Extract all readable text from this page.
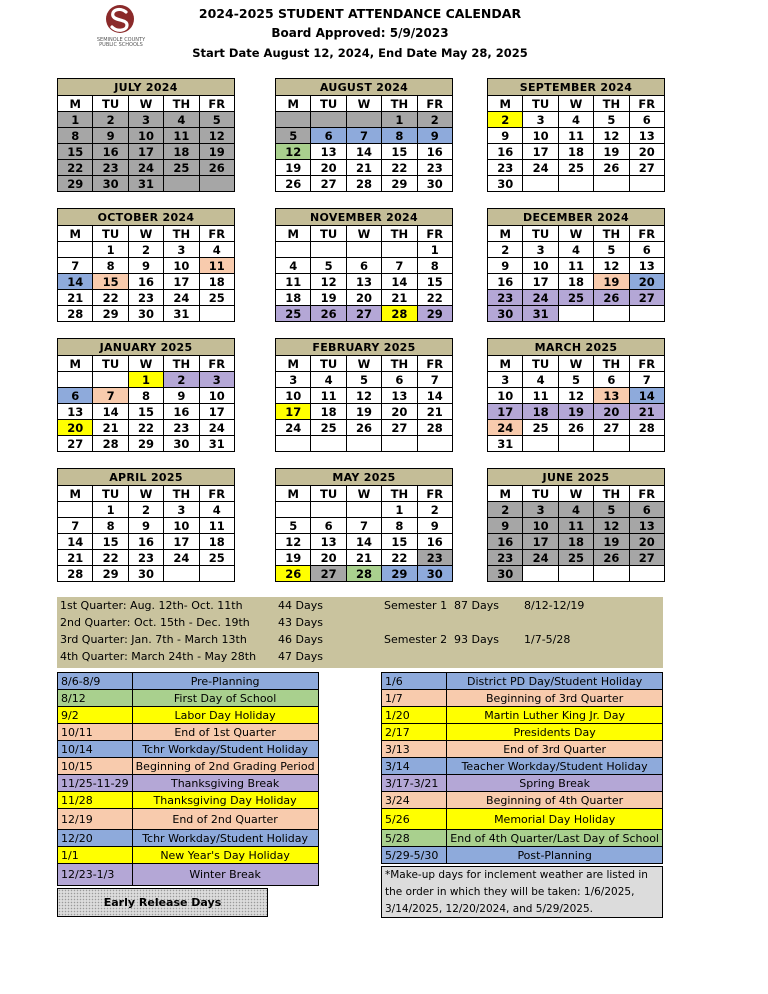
SEMINOLE COUNTY PUBLIC SCHOOLS
2024-2025 STUDENT ATTENDANCE CALENDAR
Board Approved: 5/9/2023
Start Date August 12, 2024, End Date May 28, 2025
JULY 2024				
M	TU	W	TH	FR
1	2	3	4	5
8	9	10	11	12
15	16	17	18	19
22	23	24	25	26
29	30	31		
AUGUST 2024				
M	TU	W	TH	FR
			1	2
5	6	7	8	9
12	13	14	15	16
19	20	21	22	23
26	27	28	29	30
SEPTEMBER 2024				
M	TU	W	TH	FR
2	3	4	5	6
9	10	11	12	13
16	17	18	19	20
23	24	25	26	27
30				
OCTOBER 2024				
M	TU	W	TH	FR
	1	2	3	4
7	8	9	10	11
14	15	16	17	18
21	22	23	24	25
28	29	30	31	
NOVEMBER 2024				
M	TU	W	TH	FR
				1
4	5	6	7	8
11	12	13	14	15
18	19	20	21	22
25	26	27	28	29
DECEMBER 2024				
M	TU	W	TH	FR
2	3	4	5	6
9	10	11	12	13
16	17	18	19	20
23	24	25	26	27
30	31			
JANUARY 2025				
M	TU	W	TH	FR
		1	2	3
6	7	8	9	10
13	14	15	16	17
20	21	22	23	24
27	28	29	30	31
FEBRUARY 2025				
M	TU	W	TH	FR
3	4	5	6	7
10	11	12	13	14
17	18	19	20	21
24	25	26	27	28

MARCH 2025				
M	TU	W	TH	FR
3	4	5	6	7
10	11	12	13	14
17	18	19	20	21
24	25	26	27	28
31				
APRIL 2025				
M	TU	W	TH	FR
	1	2	3	4
7	8	9	10	11
14	15	16	17	18
21	22	23	24	25
28	29	30		
MAY 2025				
M	TU	W	TH	FR
			1	2
5	6	7	8	9
12	13	14	15	16
19	20	21	22	23
26	27	28	29	30
JUNE 2025				
M	TU	W	TH	FR
2	3	4	5	6
9	10	11	12	13
16	17	18	19	20
23	24	25	26	27
30				
1st Quarter: Aug. 12th- Oct. 11th	44 Days
2nd Quarter: Oct. 15th - Dec. 19th	43 Days
3rd Quarter: Jan. 7th - March 13th	46 Days
4th Quarter: March 24th - May 28th 47 Days
Semester 1 87 Days 8/12-12/19
Semester 2 93 Days 1/7-5/28
8/6-8/9	Pre-Planning
8/12	First Day of School
9/2	Labor Day Holiday
10/11	End of 1st Quarter
10/14	Tchr Workday/Student Holiday
10/15	Beginning of 2nd Grading Period
11/25-11-29	Thanksgiving Break
11/28	Thanksgiving Day Holiday
12/19	End of 2nd Quarter
12/20	Tchr Workday/Student Holiday
1/1	New Year's Day Holiday
12/23-1/3	Winter Break
1/6	District PD Day/Student Holiday
1/7	Beginning of 3rd Quarter
1/20	Martin Luther King Jr. Day
2/17	Presidents Day
3/13	End of 3rd Quarter
3/14	Teacher Workday/Student Holiday
3/17-3/21	Spring Break
3/24	Beginning of 4th Quarter
5/26	Memorial Day Holiday
5/28	End of 4th Quarter/Last Day of School
5/29-5/30	Post-Planning
Early Release Days
*Make-up days for inclement weather are listed in the order in which they will be taken: 1/6/2025, 3/14/2025, 12/20/2024, and 5/29/2025.
